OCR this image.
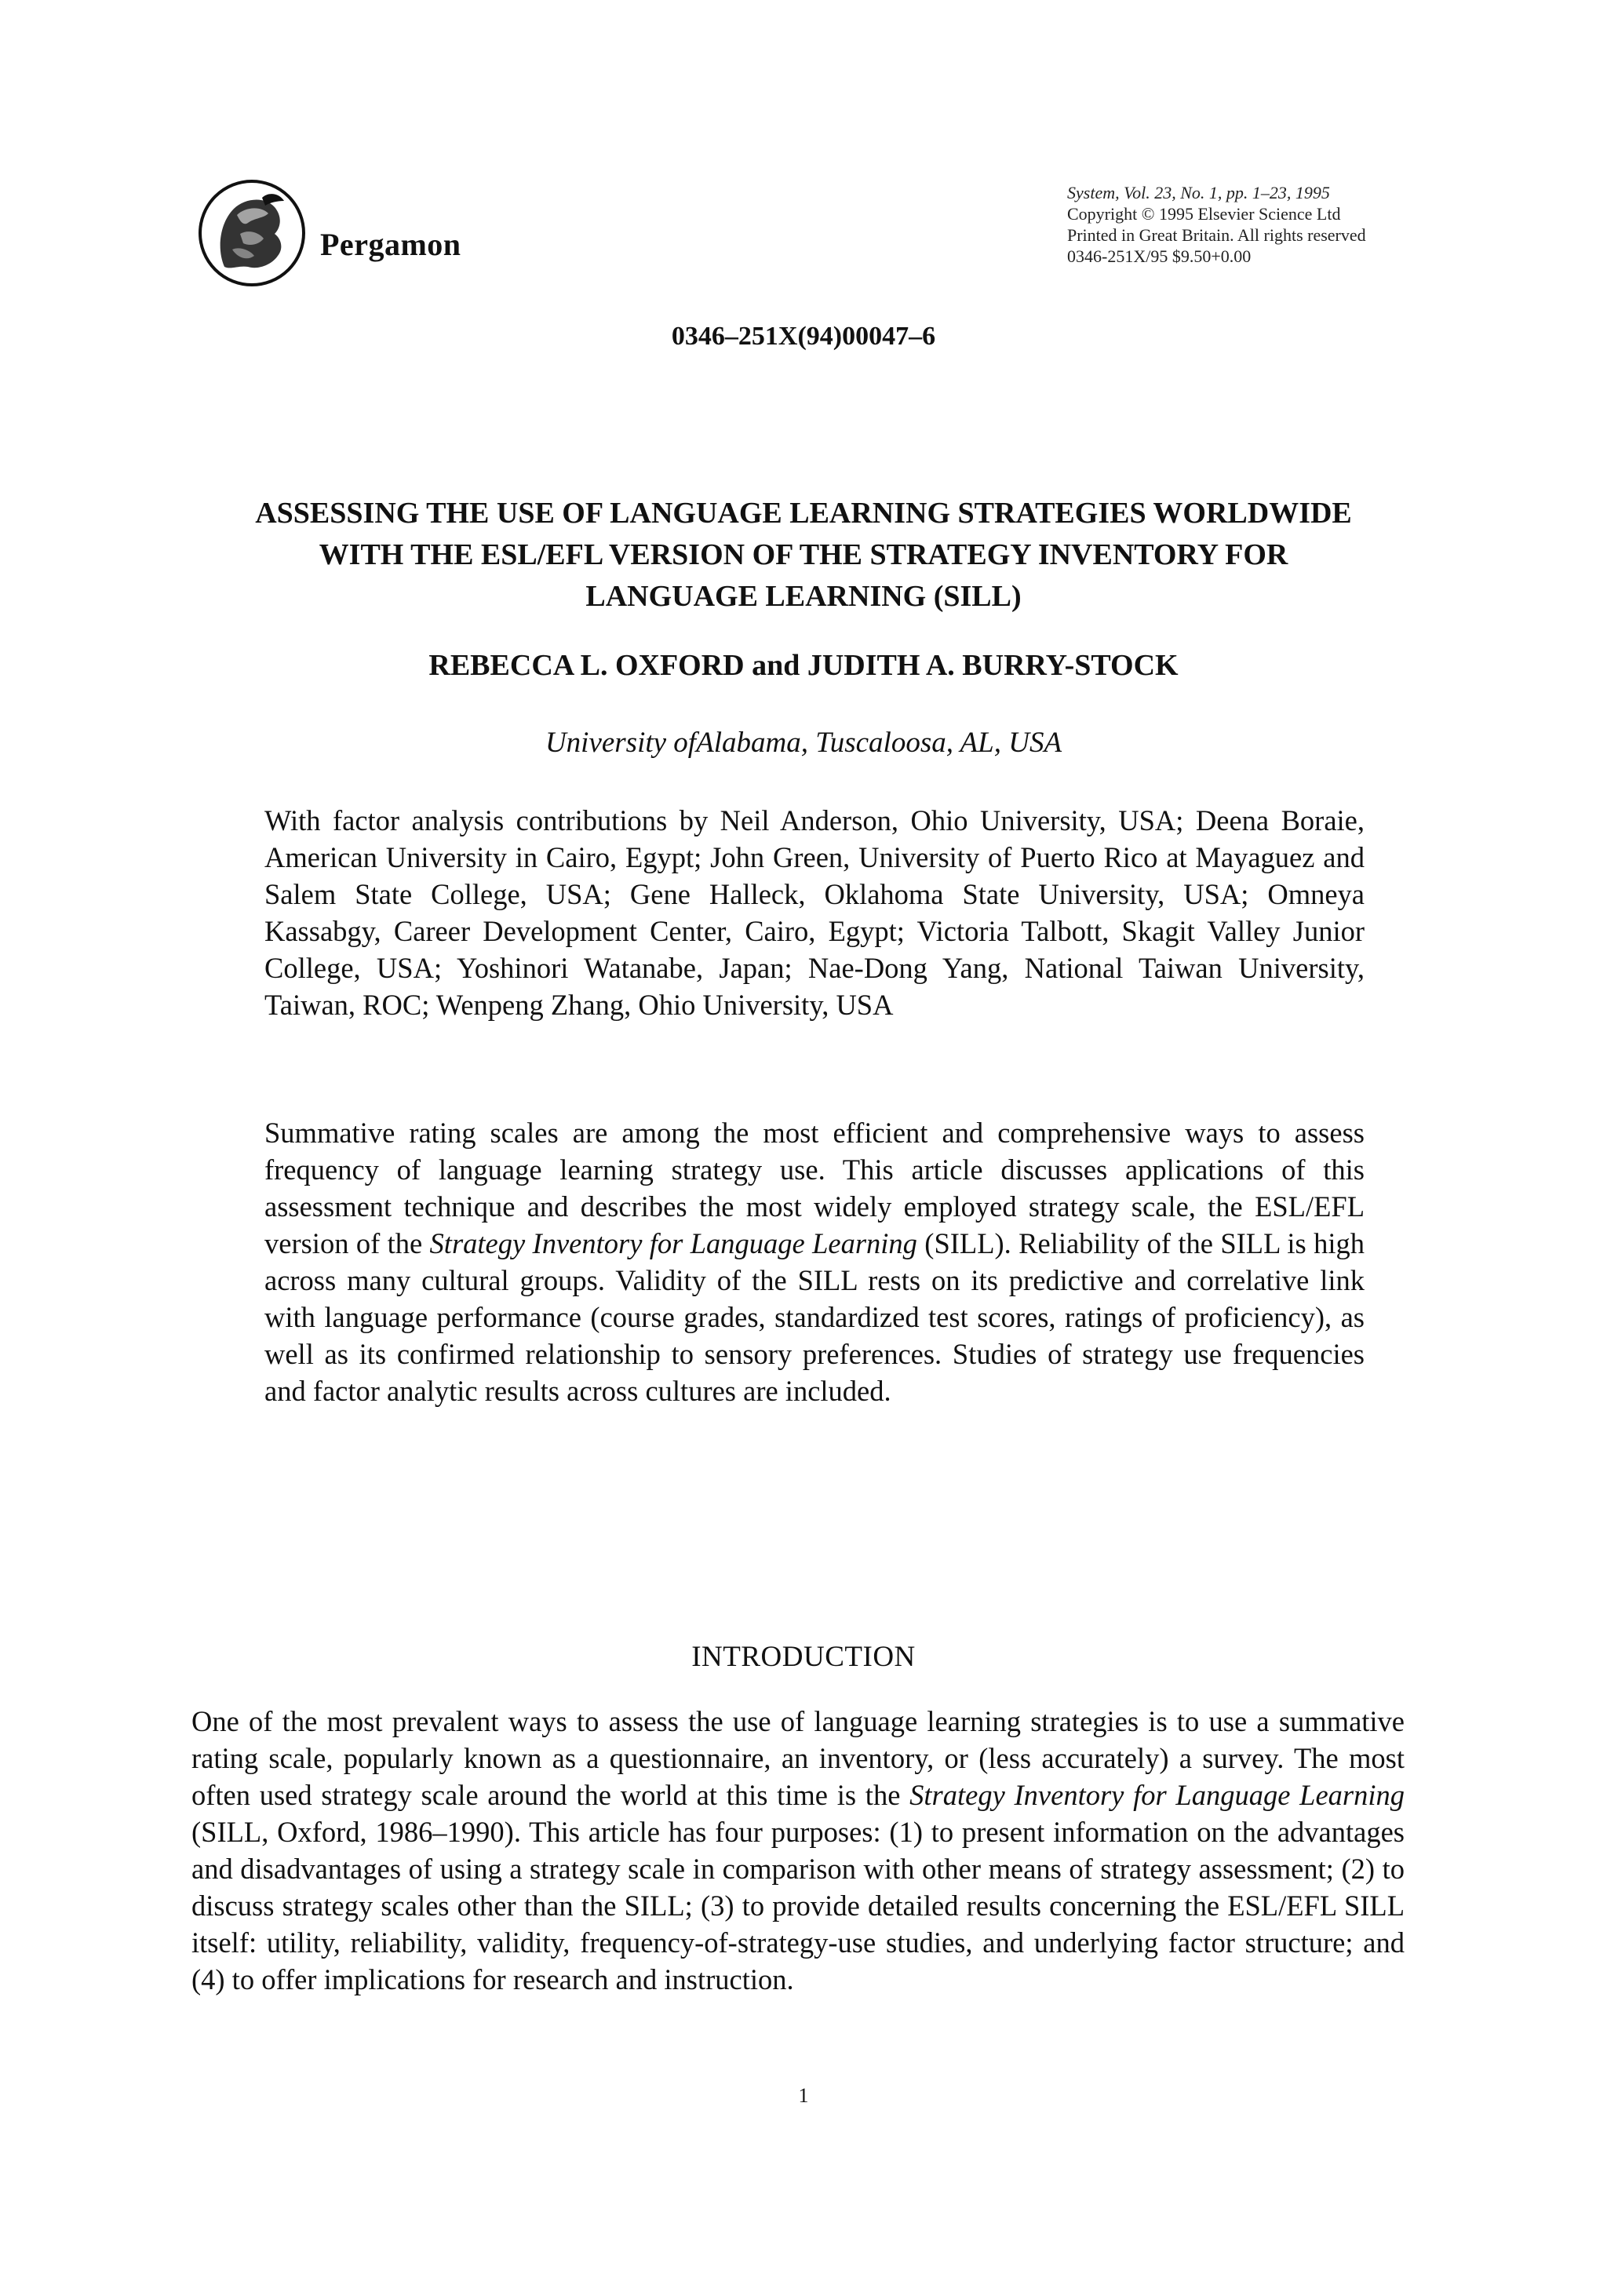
Pergamon
0346–251X(94)00047–6
System, Vol. 23, No. 1, pp. 1–23, 1995
Copyright © 1995 Elsevier Science Ltd
Printed in Great Britain. All rights reserved
0346-251X/95 $9.50+0.00
ASSESSING THE USE OF LANGUAGE LEARNING STRATEGIES WORLDWIDE
WITH THE ESL/EFL VERSION OF THE STRATEGY INVENTORY FOR
LANGUAGE LEARNING (SILL)
REBECCA L. OXFORD and JUDITH A. BURRY-STOCK
University ofAlabama, Tuscaloosa, AL, USA
With factor analysis contributions by Neil Anderson, Ohio University, USA; Deena Boraie, American University in Cairo, Egypt; John Green, University of Puerto Rico at Mayaguez and Salem State College, USA; Gene Halleck, Oklahoma State University, USA; Omneya Kassabgy, Career Development Center, Cairo, Egypt; Victoria Talbott, Skagit Valley Junior College, USA; Yoshinori Watanabe, Japan; Nae-Dong Yang, National Taiwan University, Taiwan, ROC; Wenpeng Zhang, Ohio University, USA
Summative rating scales are among the most efficient and comprehensive ways to assess frequency of language learning strategy use. This article discusses applications of this assessment technique and describes the most widely employed strategy scale, the ESL/EFL version of the Strategy Inventory for Language Learning (SILL). Reliability of the SILL is high across many cultural groups. Validity of the SILL rests on its predictive and correlative link with language performance (course grades, standardized test scores, ratings of proficiency), as well as its confirmed relationship to sensory preferences. Studies of strategy use frequencies and factor analytic results across cultures are included.
INTRODUCTION
One of the most prevalent ways to assess the use of language learning strategies is to use a summative rating scale, popularly known as a questionnaire, an inventory, or (less accurately) a survey. The most often used strategy scale around the world at this time is the Strategy Inventory for Language Learning (SILL, Oxford, 1986–1990). This article has four purposes: (1) to present information on the advantages and disadvantages of using a strategy scale in comparison with other means of strategy assessment; (2) to discuss strategy scales other than the SILL; (3) to provide detailed results concerning the ESL/EFL SILL itself: utility, reliability, validity, frequency-of-strategy-use studies, and underlying factor structure; and (4) to offer implications for research and instruction.
1
